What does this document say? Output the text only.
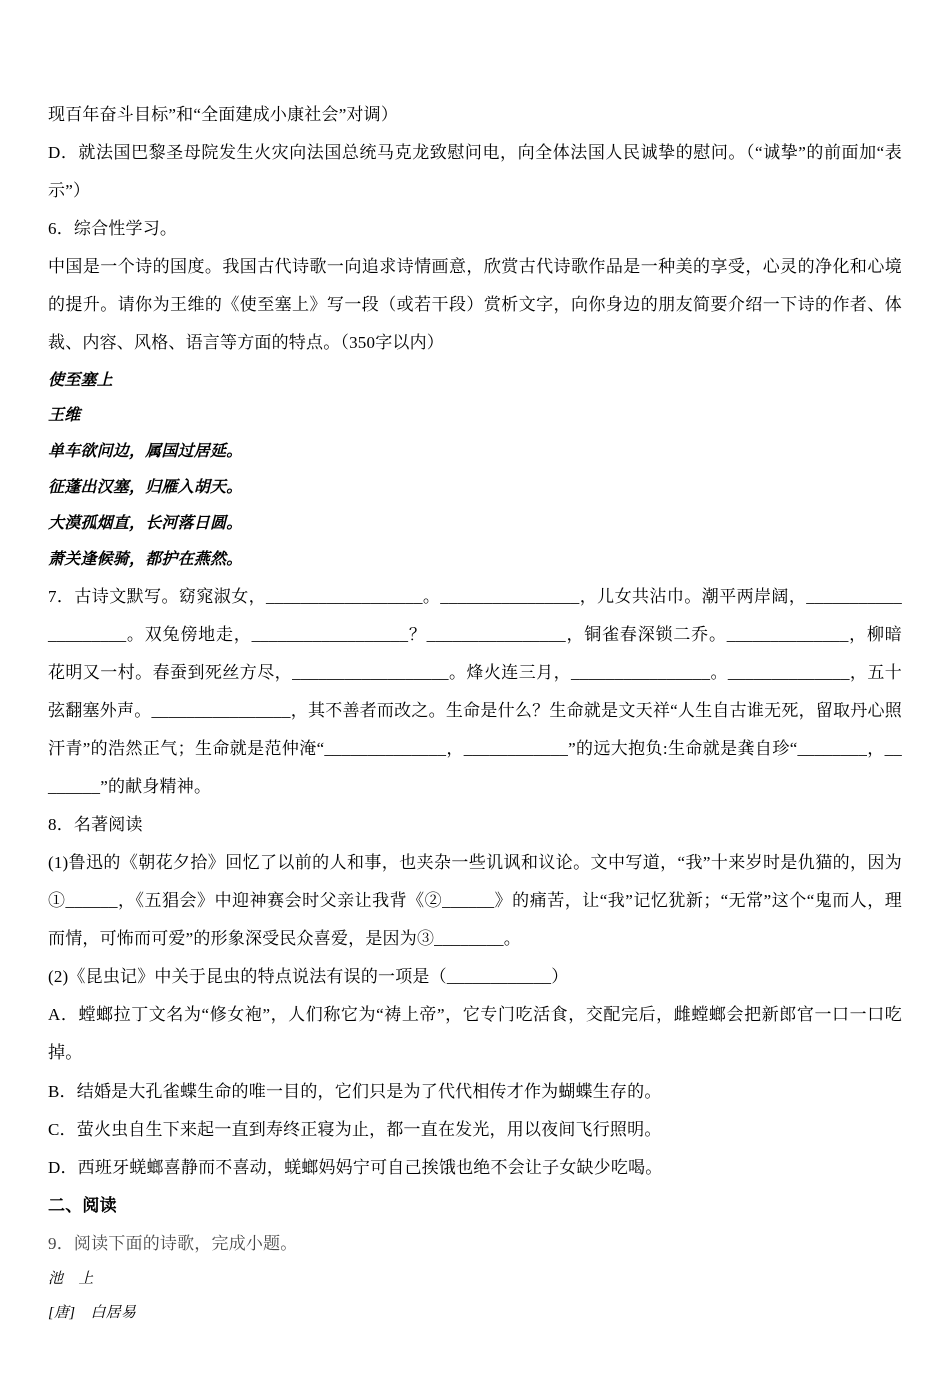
现百年奋斗目标”和“全面建成小康社会”对调）

D．就法国巴黎圣母院发生火灾向法国总统马克龙致慰问电，向全体法国人民诚挚的慰问。（“诚挚”的前面加“表示”）

6．综合性学习。

中国是一个诗的国度。我国古代诗歌一向追求诗情画意，欣赏古代诗歌作品是一种美的享受，心灵的净化和心境的提升。请你为王维的《使至塞上》写一段（或若干段）赏析文字，向你身边的朋友简要介绍一下诗的作者、体裁、内容、风格、语言等方面的特点。（350字以内）

使至塞上

王维

单车欲问边，属国过居延。

征蓬出汉塞，归雁入胡天。

大漠孤烟直，长河落日圆。

萧关逢候骑，都护在燕然。

7．古诗文默写。窈窕淑女，__________________。________________，儿女共沾巾。潮平两岸阔，____________________。双兔傍地走，__________________？________________，铜雀春深锁二乔。______________，柳暗花明又一村。春蚕到死丝方尽，__________________。烽火连三月，________________。______________，五十弦翻塞外声。________________，其不善者而改之。生命是什么？生命就是文天祥“人生自古谁无死，留取丹心照汗青”的浩然正气；生命就是范仲淹“______________，____________”的远大抱负:生命就是龚自珍“________，________”的献身精神。

8．名著阅读

(1)鲁迅的《朝花夕拾》回忆了以前的人和事，也夹杂一些讥讽和议论。文中写道，“我”十来岁时是仇猫的，因为①______，《五猖会》中迎神赛会时父亲让我背《②______》的痛苦，让“我”记忆犹新；“无常”这个“鬼而人，理而情，可怖而可爱”的形象深受民众喜爱，是因为③________。

(2)《昆虫记》中关于昆虫的特点说法有误的一项是（____________）

A．螳螂拉丁文名为“修女袍”，人们称它为“祷上帝”，它专门吃活食，交配完后，雌螳螂会把新郎官一口一口吃掉。

B．结婚是大孔雀蝶生命的唯一目的，它们只是为了代代相传才作为蝴蝶生存的。

C．萤火虫自生下来起一直到寿终正寝为止，都一直在发光，用以夜间飞行照明。

D．西班牙蜣螂喜静而不喜动，蜣螂妈妈宁可自己挨饿也绝不会让子女缺少吃喝。

二、阅读

9．阅读下面的诗歌，完成小题。

池　上

[唐]　白居易
